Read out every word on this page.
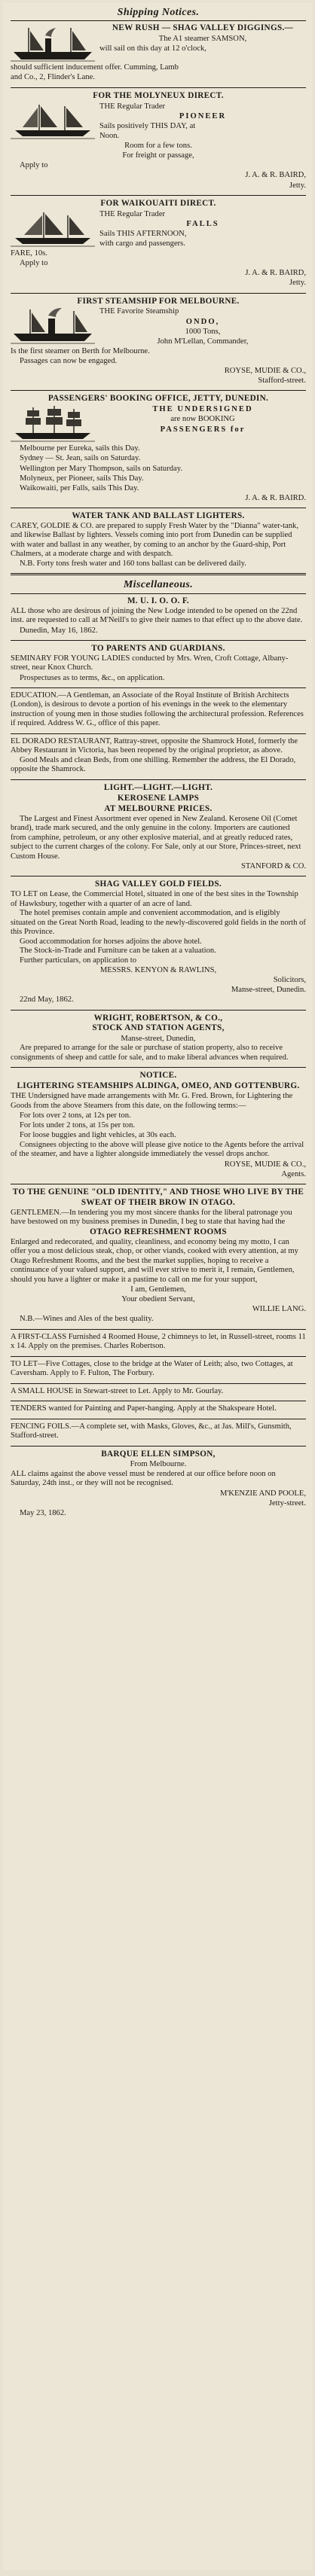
Shipping Notices.

NEW RUSH — SHAG VALLEY DIGGINGS.—

The A1 steamer SAMSON,

will sail on this day at 12 o'clock,

should sufficient inducement offer. Cumming, Lamb

and Co., 2, Flinder's Lane.

FOR THE MOLYNEUX DIRECT.

THE Regular Trader

PIONEER

Sails positively THIS DAY, at

Noon.

Room for a few tons.

For freight or passage,

Apply to

J. A. & R. BAIRD,

Jetty.

FOR WAIKOUAITI DIRECT.

THE Regular Trader

FALLS

Sails THIS AFTERNOON,

with cargo and passengers.

FARE, 10s.

Apply to

J. A. & R. BAIRD,

Jetty.

FIRST STEAMSHIP FOR MELBOURNE.

THE Favorite Steamship

ONDO,

1000 Tons,

John M'Lellan, Commander,

Is the first steamer on Berth for Melbourne.

Passages can now be engaged.

ROYSE, MUDIE & CO.,

Stafford-street.

PASSENGERS' BOOKING OFFICE, JETTY, DUNEDIN.

THE UNDERSIGNED

are now BOOKING

PASSENGERS for

Melbourne per Eureka, sails this Day.

Sydney — St. Jean, sails on Saturday.

Wellington per Mary Thompson, sails on Saturday.

Molyneux, per Pioneer, sails This Day.

Waikowaiti, per Falls, sails This Day.

J. A. & R. BAIRD.

WATER TANK AND BALLAST LIGHTERS.

CAREY, GOLDIE & CO. are prepared to supply Fresh Water by the "Dianna" water-tank, and likewise Ballast by lighters. Vessels coming into port from Dunedin can be supplied with water and ballast in any weather, by coming to an anchor by the Guard-ship, Port Chalmers, at a moderate charge and with despatch.

N.B. Forty tons fresh water and 160 tons ballast can be delivered daily.

Miscellaneous.

M. U. I. O. O. F.

ALL those who are desirous of joining the New Lodge intended to be opened on the 22nd inst. are requested to call at M'Neill's to give their names to that effect up to the above date.

Dunedin, May 16, 1862.

TO PARENTS AND GUARDIANS.

SEMINARY FOR YOUNG LADIES conducted by Mrs. Wren, Croft Cottage, Albany-street, near Knox Church.

Prospectuses as to terms, &c., on application.

EDUCATION.—A Gentleman, an Associate of the Royal Institute of British Architects (London), is desirous to devote a portion of his evenings in the week to the elementary instruction of young men in those studies following the architectural profession. References if required. Address W. G., office of this paper.

EL DORADO RESTAURANT, Rattray-street, opposite the Shamrock Hotel, formerly the Abbey Restaurant in Victoria, has been reopened by the original proprietor, as above.

Good Meals and clean Beds, from one shilling. Remember the address, the El Dorado, opposite the Shamrock.

LIGHT.—LIGHT.—LIGHT.

KEROSENE LAMPS

AT MELBOURNE PRICES.

The Largest and Finest Assortment ever opened in New Zealand. Kerosene Oil (Comet brand), trade mark secured, and the only genuine in the colony. Importers are cautioned from camphine, petroleum, or any other explosive material, and at greatly reduced rates, subject to the current charges of the colony. For Sale, only at our Store, Princes-street, next Custom House.

STANFORD & CO.

SHAG VALLEY GOLD FIELDS.

TO LET on Lease, the Commercial Hotel, situated in one of the best sites in the Township of Hawksbury, together with a quarter of an acre of land.

The hotel premises contain ample and convenient accommodation, and is eligibly situated on the Great North Road, leading to the newly-discovered gold fields in the north of this Province.

Good accommodation for horses adjoins the above hotel.

The Stock-in-Trade and Furniture can be taken at a valuation.

Further particulars, on application to

MESSRS. KENYON & RAWLINS,

Solicitors,

Manse-street, Dunedin.

22nd May, 1862.

WRIGHT, ROBERTSON, & CO.,

STOCK AND STATION AGENTS,

Manse-street, Dunedin,

Are prepared to arrange for the sale or purchase of station property, also to receive consignments of sheep and cattle for sale, and to make liberal advances when required.

NOTICE.

LIGHTERING STEAMSHIPS ALDINGA, OMEO, AND GOTTENBURG.

THE Undersigned have made arrangements with Mr. G. Fred. Brown, for Lightering the Goods from the above Steamers from this date, on the following terms:—

For lots over 2 tons, at 12s per ton.

For lots under 2 tons, at 15s per ton.

For loose buggies and light vehicles, at 30s each.

Consignees objecting to the above will please give notice to the Agents before the arrival of the steamer, and have a lighter alongside immediately the vessel drops anchor.

ROYSE, MUDIE & CO.,

Agents.

TO THE GENUINE "OLD IDENTITY," AND THOSE WHO LIVE BY THE SWEAT OF THEIR BROW IN OTAGO.

GENTLEMEN.—In tendering you my most sincere thanks for the liberal patronage you have bestowed on my business premises in Dunedin, I beg to state that having had the

OTAGO REFRESHMENT ROOMS

Enlarged and redecorated, and quality, cleanliness, and economy being my motto, I can offer you a most delicious steak, chop, or other viands, cooked with every attention, at my Otago Refreshment Rooms, and the best the market supplies, hoping to receive a continuance of your valued support, and will ever strive to merit it, I remain, Gentlemen, should you have a lighter or make it a pastime to call on me for your support,

I am, Gentlemen,

Your obedient Servant,

WILLIE LANG.

N.B.—Wines and Ales of the best quality.

A FIRST-CLASS Furnished 4 Roomed House, 2 chimneys to let, in Russell-street, rooms 11 x 14. Apply on the premises. Charles Robertson.

TO LET—Five Cottages, close to the bridge at the Water of Leith; also, two Cottages, at Caversham. Apply to F. Fulton, The Forbury.

A SMALL HOUSE in Stewart-street to Let. Apply to Mr. Gourlay.

TENDERS wanted for Painting and Paper-hanging. Apply at the Shakspeare Hotel.

FENCING FOILS.—A complete set, with Masks, Gloves, &c., at Jas. Mill's, Gunsmith, Stafford-street.

BARQUE ELLEN SIMPSON,

From Melbourne.

ALL claims against the above vessel must be rendered at our office before noon on Saturday, 24th inst., or they will not be recognised.

M'KENZIE AND POOLE,

Jetty-street.

May 23, 1862.
